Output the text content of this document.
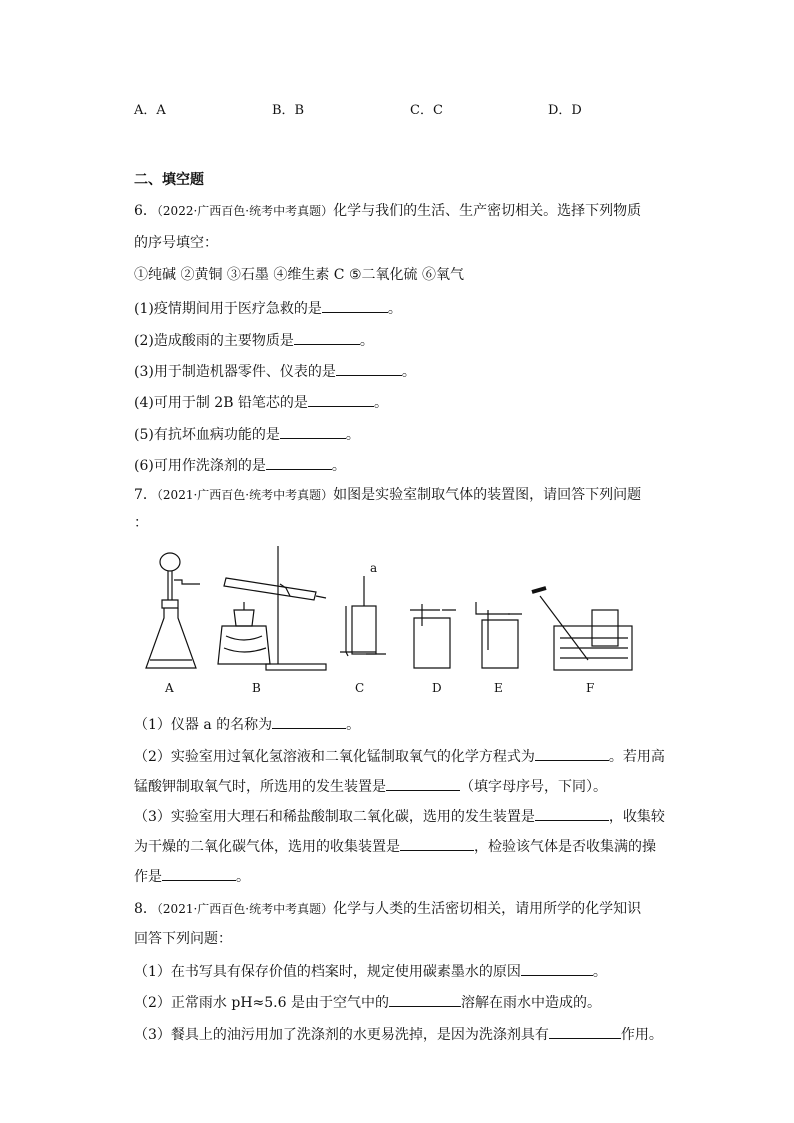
A．A	B．B	C．C	D．D
二、填空题
6．（2022·广西百色·统考中考真题）化学与我们的生活、生产密切相关。选择下列物质
的序号填空：
①纯碱 ②黄铜 ③石墨 ④维生素 C ⑤二氧化硫 ⑥氧气
(1)疫情期间用于医疗急救的是	。
(2)造成酸雨的主要物质是	。
(3)用于制造机器零件、仪表的是	。
(4)可用于制 2B 铅笔芯的是	。
(5)有抗坏血病功能的是	。
(6)可用作洗涤剂的是	。
7．（2021·广西百色·统考中考真题）如图是实验室制取气体的装置图，请回答下列问题
：
a
A	B	C	D	E	F
（1）仪器 a 的名称为	。
（2）实验室用过氧化氢溶液和二氧化锰制取氧气的化学方程式为	。若用高
锰酸钾制取氧气时，所选用的发生装置是	（填字母序号，下同）。
（3）实验室用大理石和稀盐酸制取二氧化碳，选用的发生装置是	，收集较
为干燥的二氧化碳气体，选用的收集装置是	，检验该气体是否收集满的操
作是	。
8．（2021·广西百色·统考中考真题）化学与人类的生活密切相关，请用所学的化学知识
回答下列问题：
（1）在书写具有保存价值的档案时，规定使用碳素墨水的原因	。
（2）正常雨水 pH≈5.6 是由于空气中的	溶解在雨水中造成的。
（3）餐具上的油污用加了洗涤剂的水更易洗掉，是因为洗涤剂具有	作用。
